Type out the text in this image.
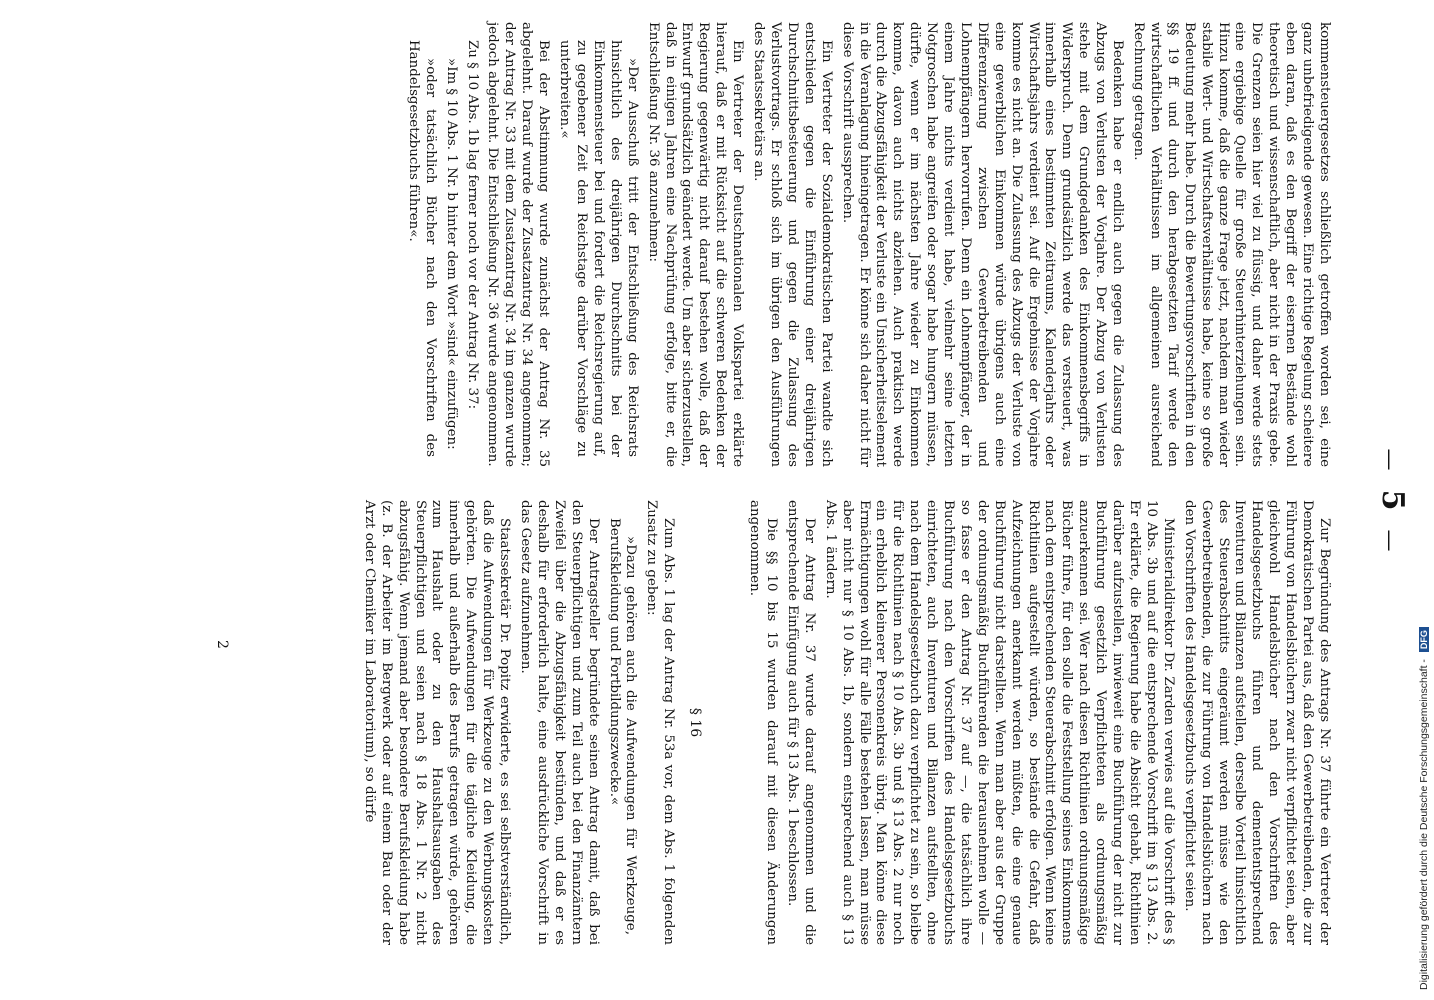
— 5 —

kommensteuergesetzes schließlich getroffen worden sei, eine ganz unbefriedigende gewesen. Eine richtige Regelung scheitere eben daran, daß es den Begriff der eisernen Bestände wohl theoretisch und wissenschaftlich, aber nicht in der Praxis gebe. Die Grenzen seien hier viel zu flüssig, und daher werde stets eine ergiebige Quelle für große Steuerhinterziehungen sein. Hinzu komme, daß die ganze Frage jetzt, nachdem man wieder stabile Wert- und Wirtschaftsverhältnisse habe, keine so große Bedeutung mehr habe. Durch die Bewertungsvorschriften in den §§ 19 ff. und durch den herabgesetzten Tarif werde den wirtschaftlichen Verhältnissen im allgemeinen ausreichend Rechnung getragen.

Bedenken habe er endlich auch gegen die Zulassung des Abzugs von Verlusten der Vorjahre. Der Abzug von Verlusten stehe mit dem Grundgedanken des Einkommensbegriffs in Widerspruch. Denn grundsätzlich werde das versteuert, was innerhalb eines bestimmten Zeitraums, Kalenderjahrs oder Wirtschaftsjahrs verdient sei. Auf die Ergebnisse der Vorjahre komme es nicht an. Die Zulassung des Abzugs der Verluste von eine gewerblichen Einkommen würde übrigens auch eine Differenzierung zwischen Gewerbetreibenden und Lohnempfängern hervorrufen. Denn ein Lohnempfänger, der in einem Jahre nichts verdient habe, vielmehr seine letzten Notgroschen habe angreifen oder sogar habe hungern müssen, dürfte, wenn er im nächsten Jahre wieder zu Einkommen komme, davon auch nichts abziehen. Auch praktisch werde durch die Abzugsfähigkeit der Verluste ein Unsicherheitselement in die Veranlagung hineingetragen. Er könne sich daher nicht für diese Vorschrift aussprechen.

Ein Vertreter der Sozialdemokratischen Partei wandte sich entschieden gegen die Einführung einer dreijährigen Durchschnittsbesteuerung und gegen die Zulassung des Verlustvortrags. Er schloß sich im übrigen den Ausführungen des Staatssekretärs an.

Ein Vertreter der Deutschnationalen Volkspartei erklärte hierauf, daß er mit Rücksicht auf die schweren Bedenken der Regierung gegenwärtig nicht darauf bestehen wolle, daß der Entwurf grundsätzlich geändert werde. Um aber sicherzustellen, daß in einigen Jahren eine Nachprüfung erfolge, bitte er, die Entschließung Nr. 36 anzunehmen:

»Der Ausschuß tritt der Entschließung des Reichsrats hinsichtlich des dreijährigen Durchschnitts bei der Einkommensteuer bei und fordert die Reichsregierung auf, zu gegebener Zeit den Reichstage darüber Vorschläge zu unterbreiten.«

Bei der Abstimmung wurde zunächst der Antrag Nr. 35 abgelehnt. Darauf wurde der Zusatzantrag Nr. 34 angenommen; der Antrag Nr. 33 mit dem Zusatzantrag Nr. 34 im ganzen wurde jedoch abgelehnt. Die Entschließung Nr. 36 wurde angenommen.

Zu § 10 Abs. 1b lag ferner noch vor der Antrag Nr. 37:

»Im § 10 Abs. 1 Nr. b hinter dem Wort »sind« einzufügen:

»oder tatsächlich Bücher nach den Vorschriften des Handelsgesetzbuchs führen«.

Zur Begründung des Antrags Nr. 37 führte ein Vertreter der Demokratischen Partei aus, daß den Gewerbetreibenden, die zur Führung von Handelsbüchern zwar nicht verpflichtet seien, aber gleichwohl Handelsbücher nach den Vorschriften des Handelsgesetzbuchs führen und demententsprechend Inventuren und Bilanzen aufstellen, derselbe Vorteil hinsichtlich des Steuerabschnitts eingeräumt werden müsse wie den Gewerbetreibenden, die zur Führung von Handelsbüchern nach den Vorschriften des Handelsgesetzbuchs verpflichtet seien.

Ministerialdirektor Dr. Zarden verwies auf die Vorschrift des § 10 Abs. 3b und auf die entsprechende Vorschrift im § 13 Abs. 2. Er erklärte, die Regierung habe die Absicht gehabt, Richtlinien darüber aufzustellen, inwieweit eine Buchführung der nicht zur Buchführung gesetzlich Verpflichteten als ordnungsmäßig anzuerkennen sei. Wer nach diesen Richtlinien ordnungsmäßige Bücher führe, für den solle die Feststellung seines Einkommens nach dem entsprechenden Steuerabschnitt erfolgen. Wenn keine Richtlinien aufgestellt würden, so bestände die Gefahr, daß Aufzeichnungen anerkannt werden müßten, die eine genaue Buchführung nicht darstellten. Wenn man aber aus der Gruppe der ordnungsmäßig Buchführenden die herausnehmen wolle — so fasse er den Antrag Nr. 37 auf —, die tatsächlich ihre Buchführung nach den Vorschriften des Handelsgesetzbuchs einrichteten, auch Inventuren und Bilanzen aufstellten, ohne nach dem Handelsgesetzbuch dazu verpflichtet zu sein, so bleibe für die Richtlinien nach § 10 Abs. 3b und § 13 Abs. 2 nur noch ein erheblich kleinerer Personenkreis übrig. Man könne diese Ermächtigungen wohl für alle Fälle bestehen lassen, man müsse aber nicht nur § 10 Abs. 1b, sondern entsprechend auch § 13 Abs. 1 ändern.

Der Antrag Nr. 37 wurde darauf angenommen und die entsprechende Einfügung auch für § 13 Abs. 1 beschlossen.

Die §§ 10 bis 15 wurden darauf mit diesen Änderungen angenommen.

§ 16

Zum Abs. 1 lag der Antrag Nr. 53a vor, dem Abs. 1 folgenden Zusatz zu geben:

»Dazu gehören auch die Aufwendungen für Werkzeuge, Berufskleidung und Fortbildungszwecke.«

Der Antragsteller begründete seinen Antrag damit, daß bei den Steuerpflichtigen und zum Teil auch bei den Finanzämtern Zweifel über die Abzugsfähigkeit bestünden, und daß er es deshalb für erforderlich halte, eine ausdrückliche Vorschrift in das Gesetz aufzunehmen.

Staatssekretär Dr. Popitz erwiderte, es sei selbstverständlich, daß die Aufwendungen für Werkzeuge zu den Werbungskosten gehörten. Die Aufwendungen für die tägliche Kleidung, die innerhalb und außerhalb des Berufs getragen würde, gehören zum Haushalt oder zu den Haushaltsausgaben des Steuerpflichtigen und seien nach § 18 Abs. 1 Nr. 2 nicht abzugsfähig. Wenn jemand aber besondere Berufskleidung habe (z. B. der Arbeiter im Bergwerk oder auf einem Bau oder der Arzt oder Chemiker im Laboratorium), so dürfe

2
Digitalisierung gefördert durch die Deutsche Forschungsgemeinschaft - DFG
